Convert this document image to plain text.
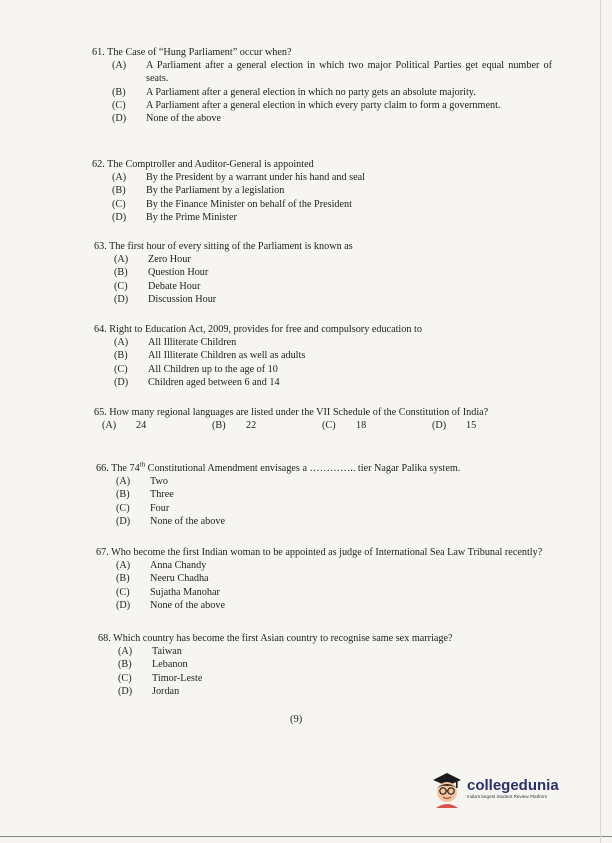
61. The Case of “Hung Parliament” occur when?
(A)	A Parliament after a general election in which two major Political Parties get equal number of seats.
(B)	A Parliament after a general election in which no party gets an absolute majority.
(C)	A Parliament after a general election in which every party claim to form a government.
(D)	None of the above
62. The Comptroller and Auditor-General is appointed
(A)	By the President by a warrant under his hand and seal
(B)	By the Parliament by a legislation
(C)	By the Finance Minister on behalf of the President
(D)	By the Prime Minister
63. The first hour of every sitting of the Parliament is known as
(A)	Zero Hour
(B)	Question Hour
(C)	Debate Hour
(D)	Discussion Hour
64. Right to Education Act, 2009, provides for free and compulsory education to
(A)	All Illiterate Children
(B)	All Illiterate Children as well as adults
(C)	All Children up to the age of 10
(D)	Children aged between 6 and 14
65. How many regional languages are listed under the VII Schedule of the Constitution of India?
(A) 24	(B) 22	(C) 18	(D) 15
66. The 74th Constitutional Amendment envisages a ………….. tier Nagar Palika system.
(A)	Two
(B)	Three
(C)	Four
(D)	None of the above
67. Who become the first Indian woman to be appointed as judge of International Sea Law Tribunal recently?
(A)	Anna Chandy
(B)	Neeru Chadha
(C)	Sujatha Manohar
(D)	None of the above
68. Which country has become the first Asian country to recognise same sex marriage?
(A)	Taiwan
(B)	Lebanon
(C)	Timor-Leste
(D)	Jordan
(9)
collegedunia
India's largest Student Review Platform
